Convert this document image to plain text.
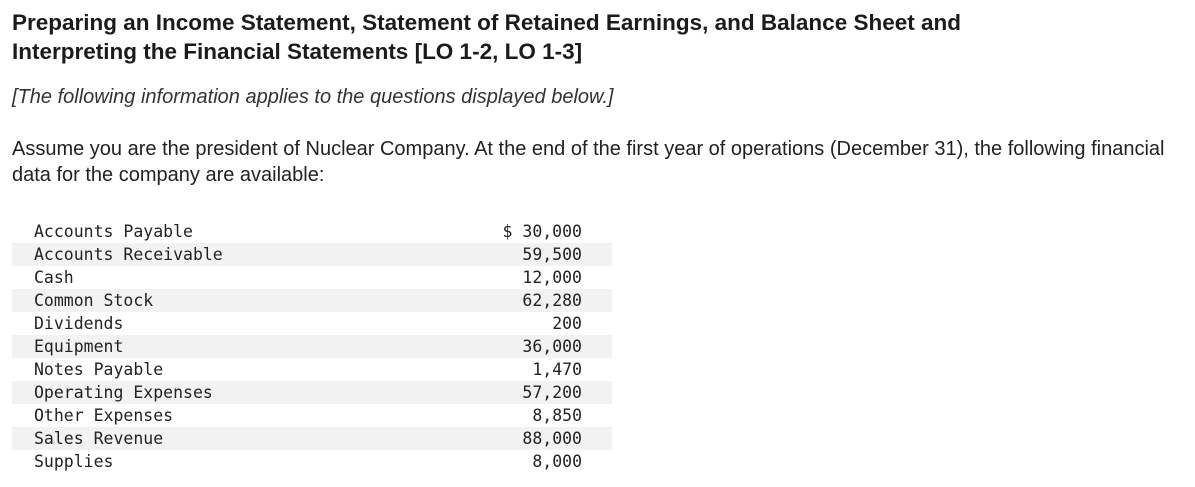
Preparing an Income Statement, Statement of Retained Earnings, and Balance Sheet and
Interpreting the Financial Statements [LO 1-2, LO 1-3]
[The following information applies to the questions displayed below.]
Assume you are the president of Nuclear Company. At the end of the first year of operations (December 31), the following financial data for the company are available:
Accounts Payable	$ 30,000
Accounts Receivable	59,500
Cash	12,000
Common Stock	62,280
Dividends	200
Equipment	36,000
Notes Payable	1,470
Operating Expenses	57,200
Other Expenses	8,850
Sales Revenue	88,000
Supplies	8,000
